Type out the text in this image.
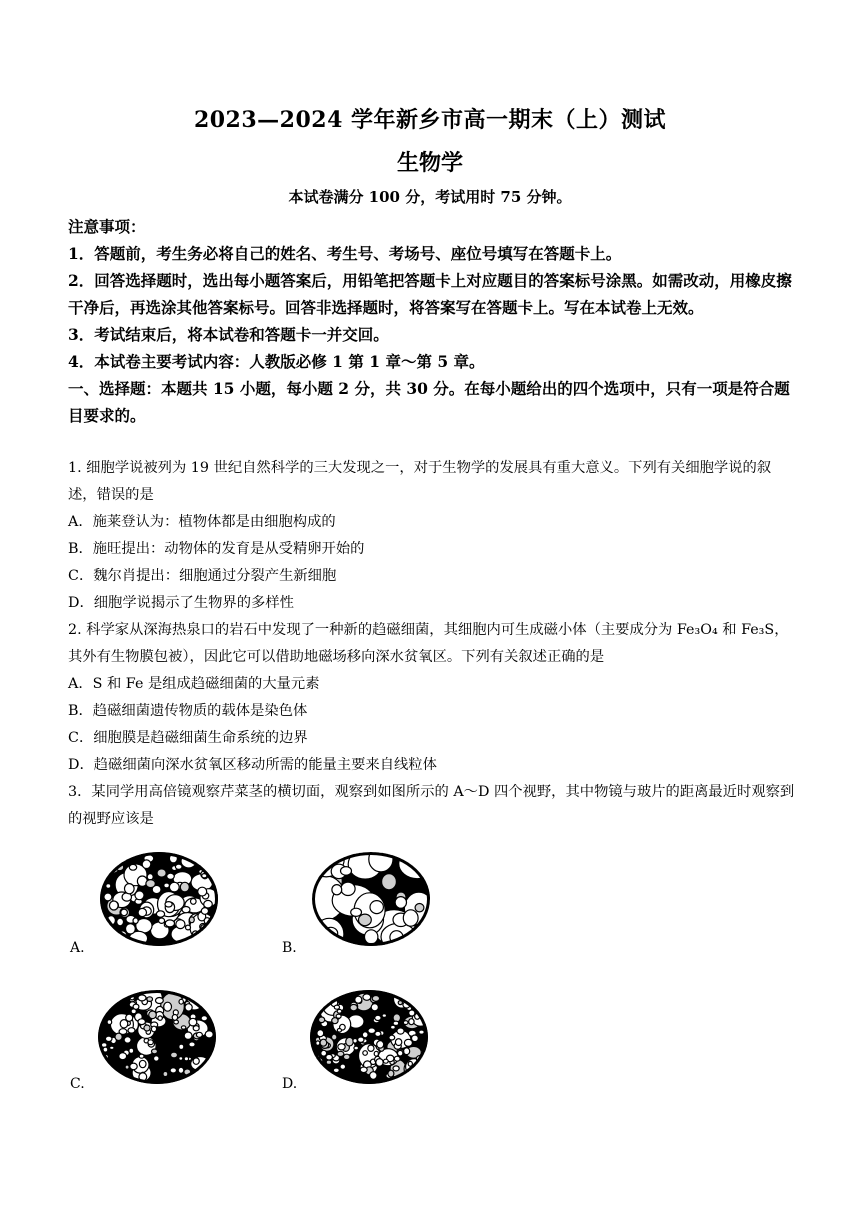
2023—2024 学年新乡市高一期末（上）测试
生物学
本试卷满分 100 分，考试用时 75 分钟。

注意事项：

1．答题前，考生务必将自己的姓名、考生号、考场号、座位号填写在答题卡上。

2．回答选择题时，选出每小题答案后，用铅笔把答题卡上对应题目的答案标号涂黑。如需改动，用橡皮擦干净后，再选涂其他答案标号。回答非选择题时，将答案写在答题卡上。写在本试卷上无效。

3．考试结束后，将本试卷和答题卡一并交回。

4．本试卷主要考试内容：人教版必修 1 第 1 章～第 5 章。

一、选择题：本题共 15 小题，每小题 2 分，共 30 分。在每小题给出的四个选项中，只有一项是符合题目要求的。

1. 细胞学说被列为 19 世纪自然科学的三大发现之一，对于生物学的发展具有重大意义。下列有关细胞学说的叙述，错误的是

A．施莱登认为：植物体都是由细胞构成的

B．施旺提出：动物体的发育是从受精卵开始的

C．魏尔肖提出：细胞通过分裂产生新细胞

D．细胞学说揭示了生物界的多样性

2. 科学家从深海热泉口的岩石中发现了一种新的趋磁细菌，其细胞内可生成磁小体（主要成分为 Fe₃O₄ 和 Fe₃S，其外有生物膜包被），因此它可以借助地磁场移向深水贫氧区。下列有关叙述正确的是

A．S 和 Fe 是组成趋磁细菌的大量元素

B．趋磁细菌遗传物质的载体是染色体

C．细胞膜是趋磁细菌生命系统的边界

D．趋磁细菌向深水贫氧区移动所需的能量主要来自线粒体

3．某同学用高倍镜观察芹菜茎的横切面，观察到如图所示的 A～D 四个视野，其中物镜与玻片的距离最近时观察到的视野应该是

A.	B.
C.	D.
